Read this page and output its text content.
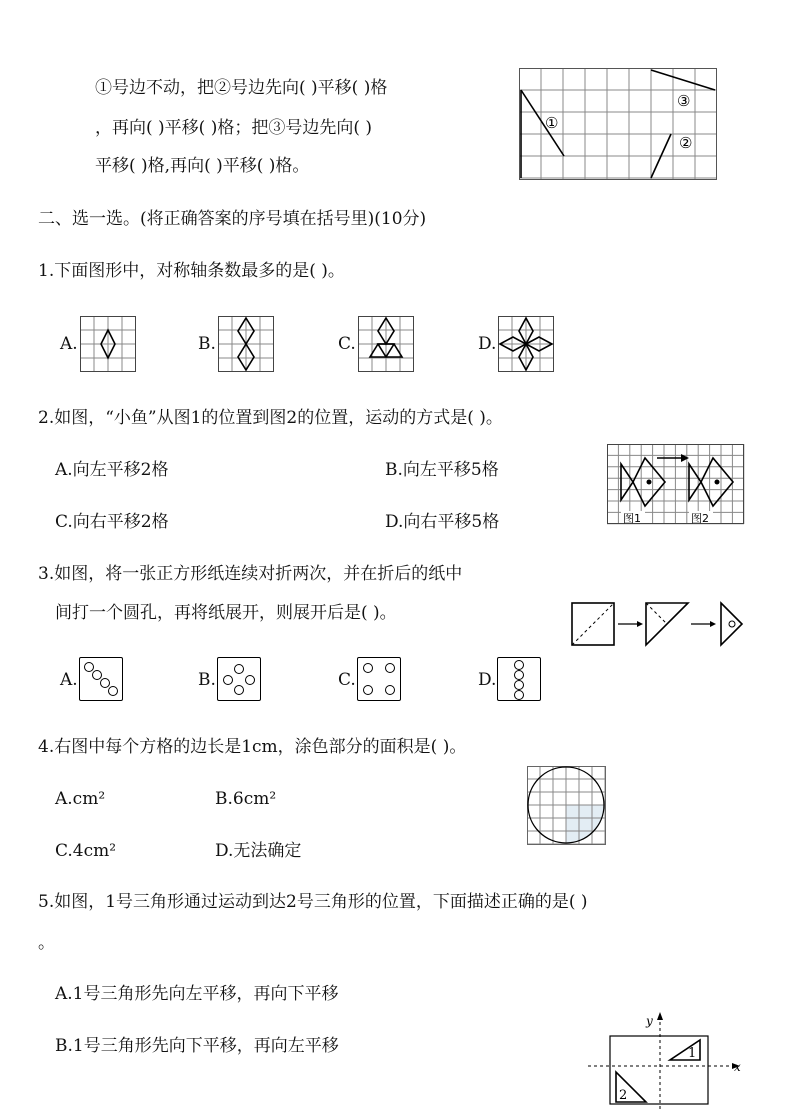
①号边不动，把②号边先向( )平移( )格
，再向( )平移( )格；把③号边先向( )
平移( )格,再向( )平移( )格。
①
②
③
二、选一选。(将正确答案的序号填在括号里)(10分)
1.下面图形中，对称轴条数最多的是( )。
A.	B.	C.	D.
2.如图，“小鱼”从图1的位置到图2的位置，运动的方式是( )。
A.向左平移2格	B.向左平移5格
C.向右平移2格	D.向右平移5格	图1	图2
3.如图，将一张正方形纸连续对折两次，并在折后的纸中
间打一个圆孔，再将纸展开，则展开后是( )。
A.	B.	C.	D.
4.右图中每个方格的边长是1cm，涂色部分的面积是( )。
A.cm²	B.6cm²
C.4cm²	D.无法确定
5.如图，1号三角形通过运动到达2号三角形的位置，下面描述正确的是( )
。
A.1号三角形先向左平移，再向下平移
B.1号三角形先向下平移，再向左平移
y
x
1
2
